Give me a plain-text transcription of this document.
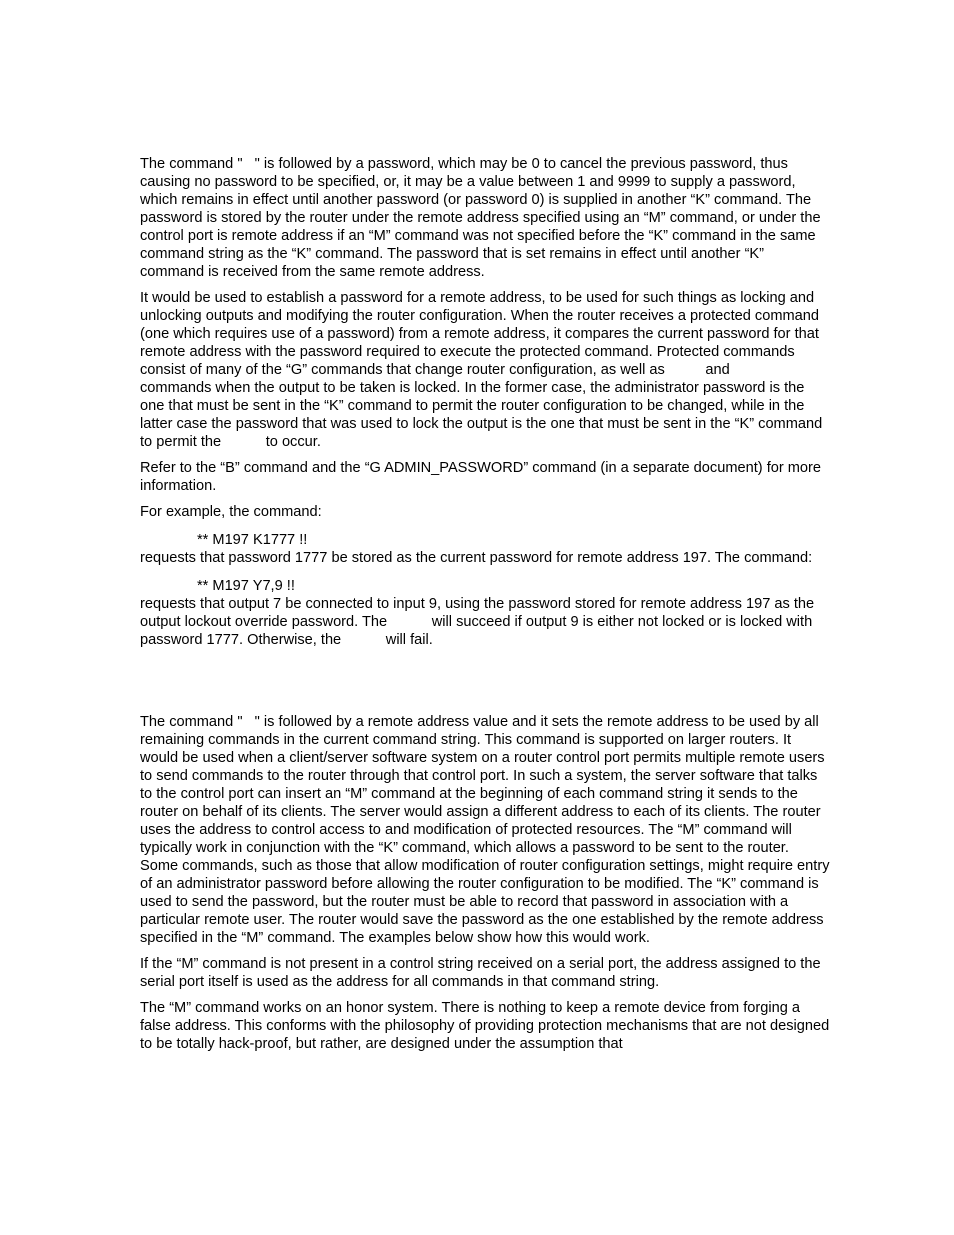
The command "   " is followed by a password, which may be 0 to cancel the previous password, thus causing no password to be specified, or, it may be a value between 1 and 9999 to supply a password, which remains in effect until another password (or password 0) is supplied in another “K” command. The password is stored by the router under the remote address specified using an “M” command, or under the control port is remote address if an “M” command was not specified before the “K” command in the same command string as the “K” command. The password that is set remains in effect until another “K” command is received from the same remote address.

It would be used to establish a password for a remote address, to be used for such things as locking and unlocking outputs and modifying the router configuration. When the router receives a protected command (one which requires use of a password) from a remote address, it compares the current password for that remote address with the password required to execute the protected command. Protected commands consist of many of the “G” commands that change router configuration, as well as          and                        commands when the output to be taken is locked. In the former case, the administrator password is the one that must be sent in the “K” command to permit the router configuration to be changed, while in the latter case the password that was used to lock the output is the one that must be sent in the “K” command to permit the           to occur.

Refer to the “B” command and the “G ADMIN_PASSWORD” command (in a separate document) for more information.

For example, the command:

** M197 K1777 !!

requests that password 1777 be stored as the current password for remote address 197. The command:

** M197 Y7,9 !!

requests that output 7 be connected to input 9, using the password stored for remote address 197 as the output lockout override password. The           will succeed if output 9 is either not locked or is locked with password 1777. Otherwise, the           will fail.

The command "   " is followed by a remote address value and it sets the remote address to be used by all remaining commands in the current command string. This command is supported on larger routers. It would be used when a client/server software system on a router control port permits multiple remote users to send commands to the router through that control port. In such a system, the server software that talks to the control port can insert an “M” command at the beginning of each command string it sends to the router on behalf of its clients. The server would assign a different address to each of its clients. The router uses the address to control access to and modification of protected resources. The “M” command will typically work in conjunction with the “K” command, which allows a password to be sent to the router. Some commands, such as those that allow modification of router configuration settings, might require entry of an administrator password before allowing the router configuration to be modified. The “K” command is used to send the password, but the router must be able to record that password in association with a particular remote user. The router would save the password as the one established by the remote address specified in the “M” command. The examples below show how this would work.

If the “M” command is not present in a control string received on a serial port, the address assigned to the serial port itself is used as the address for all commands in that command string.

The “M” command works on an honor system. There is nothing to keep a remote device from forging a false address. This conforms with the philosophy of providing protection mechanisms that are not designed to be totally hack-proof, but rather, are designed under the assumption that
